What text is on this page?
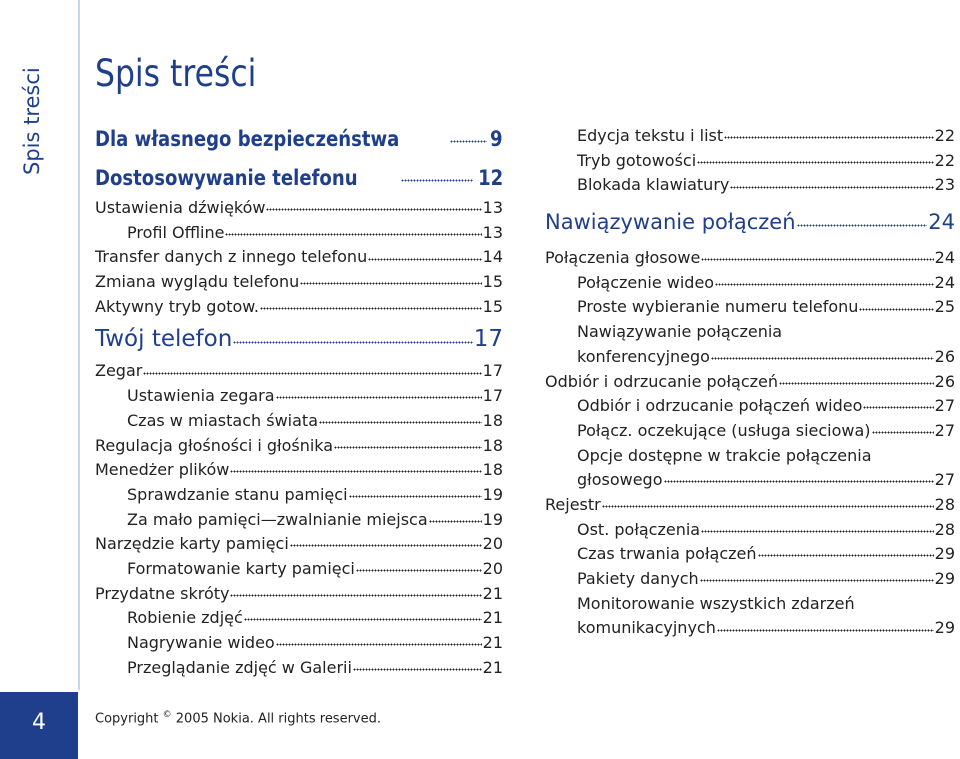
Spis treści
4
Spis treści
Dla własnego bezpieczeństwa	9
Dostosowywanie telefonu	12
Ustawienia dźwięków	13
Profil Offline	13
Transfer danych z innego telefonu	14
Zmiana wyglądu telefonu	15
Aktywny tryb gotow.	15
Twój telefon	17
Zegar	17
Ustawienia zegara	17
Czas w miastach świata	18
Regulacja głośności i głośnika	18
Menedżer plików	18
Sprawdzanie stanu pamięci	19
Za mało pamięci—zwalnianie miejsca	19
Narzędzie karty pamięci	20
Formatowanie karty pamięci	20
Przydatne skróty	21
Robienie zdjęć	21
Nagrywanie wideo	21
Przeglądanie zdjęć w Galerii	21
Edycja tekstu i list	22
Tryb gotowości	22
Blokada klawiatury	23
Nawiązywanie połączeń	24
Połączenia głosowe	24
Połączenie wideo	24
Proste wybieranie numeru telefonu	25
Nawiązywanie połączenia
konferencyjnego	26
Odbiór i odrzucanie połączeń	26
Odbiór i odrzucanie połączeń wideo	27
Połącz. oczekujące (usługa sieciowa)	27
Opcje dostępne w trakcie połączenia
głosowego	27
Rejestr	28
Ost. połączenia	28
Czas trwania połączeń	29
Pakiety danych	29
Monitorowanie wszystkich zdarzeń
komunikacyjnych	29
Copyright © 2005 Nokia. All rights reserved.
